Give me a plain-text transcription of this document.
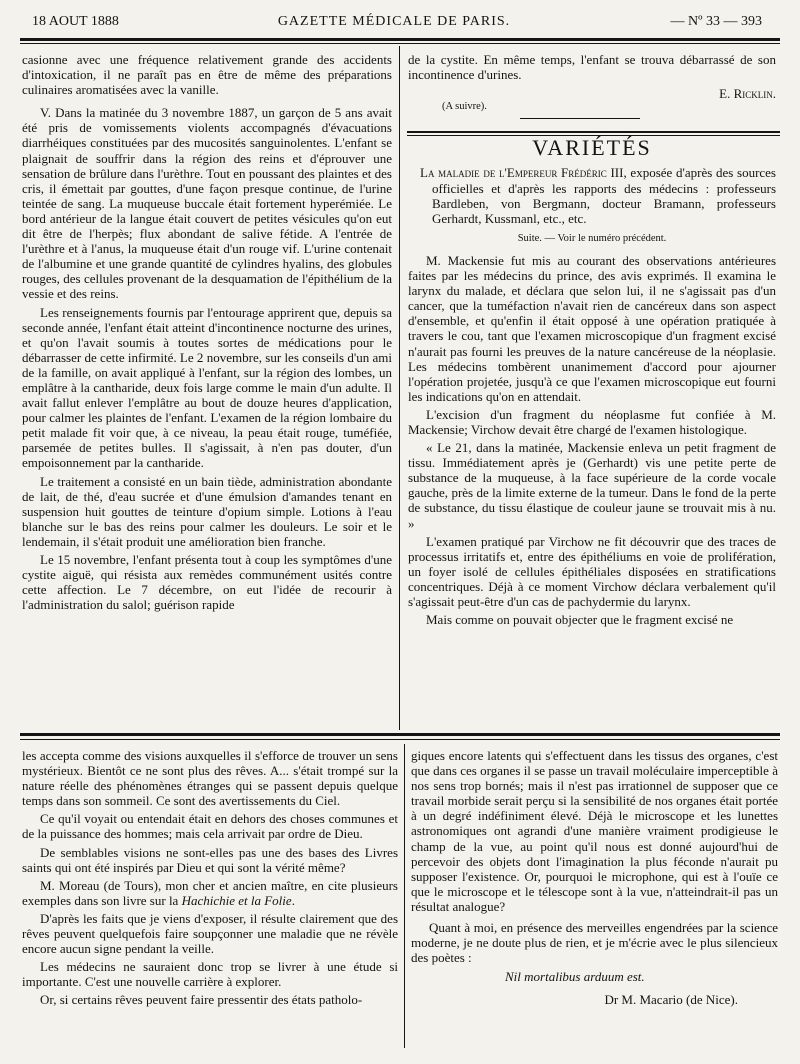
18 AOUT 1888	GAZETTE MÉDICALE DE PARIS.	— Nº 33 — 393

casionne avec une fréquence relativement grande des accidents d'intoxication, il ne paraît pas en être de même des préparations culinaires aromatisées avec la vanille.

V. Dans la matinée du 3 novembre 1887, un garçon de 5 ans avait été pris de vomissements violents accompagnés d'évacuations diarrhéiques constituées par des mucosités sanguinolentes. L'enfant se plaignait de souffrir dans la région des reins et d'éprouver une sensation de brûlure dans l'urèthre. Tout en poussant des plaintes et des cris, il émettait par gouttes, d'une façon presque continue, de l'urine teintée de sang. La muqueuse buccale était fortement hyperémiée. Le bord antérieur de la langue était couvert de petites vésicules qu'on eut dit être de l'herpès; flux abondant de salive fétide. A l'entrée de l'urèthre et à l'anus, la muqueuse était d'un rouge vif. L'urine contenait de l'albumine et une grande quantité de cylindres hyalins, des globules rouges, des cellules provenant de la desquamation de l'épithélium de la vessie et des reins.

Les renseignements fournis par l'entourage apprirent que, depuis sa seconde année, l'enfant était atteint d'incontinence nocturne des urines, et qu'on l'avait soumis à toutes sortes de médications pour le débarrasser de cette infirmité. Le 2 novembre, sur les conseils d'un ami de la famille, on avait appliqué à l'enfant, sur la région des lombes, un emplâtre à la cantharide, deux fois large comme le main d'un adulte. Il avait fallut enlever l'emplâtre au bout de douze heures d'application, pour calmer les plaintes de l'enfant. L'examen de la région lombaire du petit malade fit voir que, à ce niveau, la peau était rouge, tuméfiée, parsemée de petites bulles. Il s'agissait, à n'en pas douter, d'un empoisonnement par la cantharide.

Le traitement a consisté en un bain tiède, administration abondante de lait, de thé, d'eau sucrée et d'une émulsion d'amandes tenant en suspension huit gouttes de teinture d'opium simple. Lotions à l'eau blanche sur le bas des reins pour calmer les douleurs. Le soir et le lendemain, il s'était produit une amélioration bien franche.

Le 15 novembre, l'enfant présenta tout à coup les symptômes d'une cystite aiguë, qui résista aux remèdes communément usités contre cette affection. Le 7 décembre, on eut l'idée de recourir à l'administration du salol; guérison rapide

de la cystite. En même temps, l'enfant se trouva débarrassé de son incontinence d'urines.

E. Ricklin.
(A suivre).
VARIÉTÉS

La maladie de l'Empereur Frédéric III, exposée d'après des sources officielles et d'après les rapports des médecins : professeurs Bardleben, von Bergmann, docteur Bramann, professeurs Gerhardt, Kussmanl, etc., etc.

Suite. — Voir le numéro précédent.

M. Mackensie fut mis au courant des observations antérieures faites par les médecins du prince, des avis exprimés. Il examina le larynx du malade, et déclara que selon lui, il ne s'agissait pas d'un cancer, que la tuméfaction n'avait rien de cancéreux dans son aspect d'ensemble, et qu'enfin il était opposé à une opération pratiquée à travers le cou, tant que l'examen microscopique d'un fragment excisé n'aurait pas fourni les preuves de la nature cancéreuse de la néoplasie. Les médecins tombèrent unanimement d'accord pour ajourner l'opération projetée, jusqu'à ce que l'examen microscopique eut fourni les indications qu'on en attendait.

L'excision d'un fragment du néoplasme fut confiée à M. Mackensie; Virchow devait être chargé de l'examen histologique.

« Le 21, dans la matinée, Mackensie enleva un petit fragment de tissu. Immédiatement après je (Gerhardt) vis une petite perte de substance de la muqueuse, à la face supérieure de la corde vocale gauche, près de la limite externe de la tumeur. Dans le fond de la perte de substance, du tissu élastique de couleur jaune se trouvait mis à nu. »

L'examen pratiqué par Virchow ne fit découvrir que des traces de processus irritatifs et, entre des épithéliums en voie de prolifération, un foyer isolé de cellules épithéliales disposées en stratifications concentriques. Déjà à ce moment Virchow déclara verbalement qu'il s'agissait peut-être d'un cas de pachydermie du larynx.

Mais comme on pouvait objecter que le fragment excisé ne

les accepta comme des visions auxquelles il s'efforce de trouver un sens mystérieux. Bientôt ce ne sont plus des rêves. A... s'était trompé sur la nature réelle des phénomènes étranges qui se passent depuis quelque temps dans son sommeil. Ce sont des avertissements du Ciel.

Ce qu'il voyait ou entendait était en dehors des choses communes et de la puissance des hommes; mais cela arrivait par ordre de Dieu.

De semblables visions ne sont-elles pas une des bases des Livres saints qui ont été inspirés par Dieu et qui sont la vérité même?

M. Moreau (de Tours), mon cher et ancien maître, en cite plusieurs exemples dans son livre sur la Hachichie et la Folie.

D'après les faits que je viens d'exposer, il résulte clairement que des rêves peuvent quelquefois faire soupçonner une maladie que ne révèle encore aucun signe pendant la veille.

Les médecins ne sauraient donc trop se livrer à une étude si importante. C'est une nouvelle carrière à explorer.

Or, si certains rêves peuvent faire pressentir des états patholo-

giques encore latents qui s'effectuent dans les tissus des organes, c'est que dans ces organes il se passe un travail moléculaire imperceptible à nos sens trop bornés; mais il n'est pas irrationnel de supposer que ce travail morbide serait perçu si la sensibilité de nos organes était portée à un degré indéfiniment élevé. Déjà le microscope et les lunettes astronomiques ont agrandi d'une manière vraiment prodigieuse le champ de la vue, au point qu'il nous est donné aujourd'hui de percevoir des objets dont l'imagination la plus féconde n'aurait pu supposer l'existence. Or, pourquoi le microphone, qui est à l'ouïe ce que le microscope et le télescope sont à la vue, n'atteindrait-il pas un résultat analogue?

Quant à moi, en présence des merveilles engendrées par la science moderne, je ne doute plus de rien, et je m'écrie avec le plus silencieux des poètes :

Nil mortalibus arduum est.
Dr M. Macario (de Nice).
